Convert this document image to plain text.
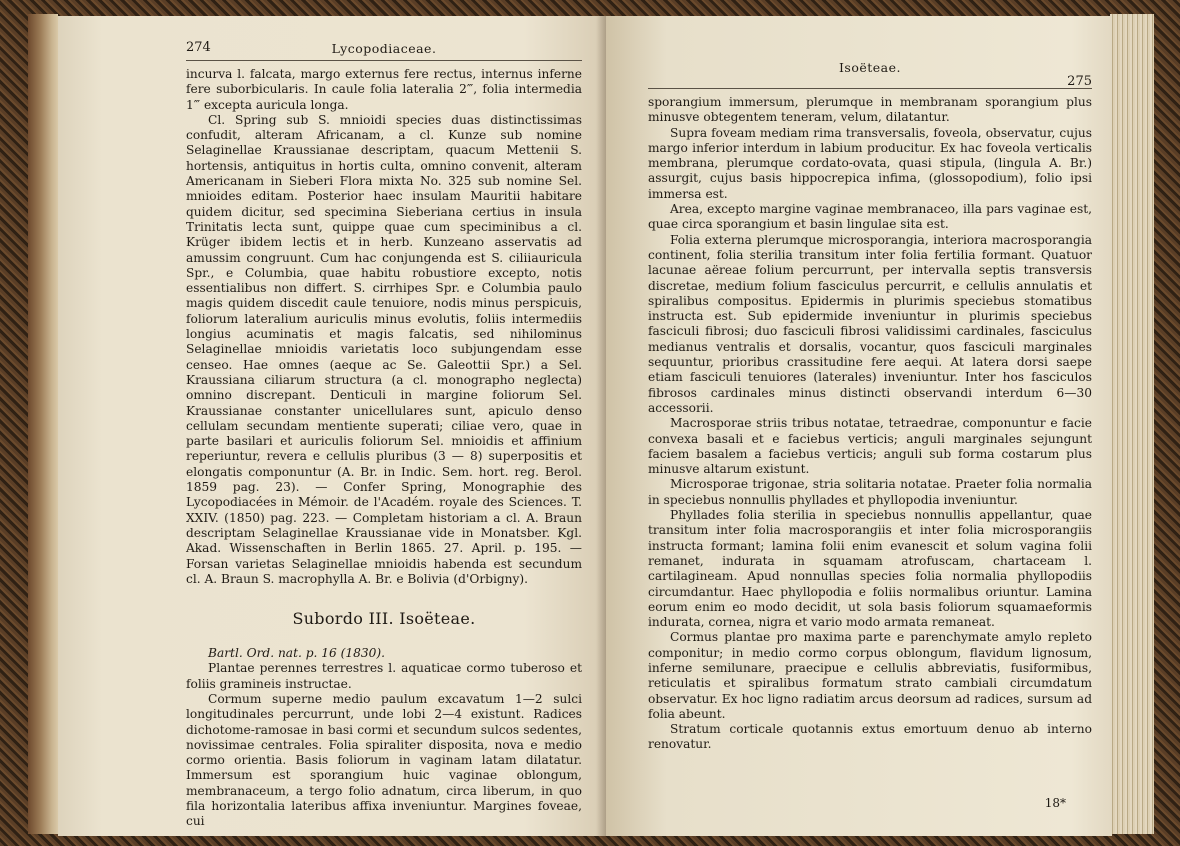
274	Lycopodiaceae.

incurva l. falcata, margo externus fere rectus, internus inferne fere suborbicularis. In caule folia lateralia 2‴, folia intermedia 1‴ excepta auricula longa.

Cl. Spring sub S. mnioidi species duas distinctissimas confudit, alteram Africanam, a cl. Kunze sub nomine Selaginellae Kraussianae descriptam, quacum Mettenii S. hortensis, antiquitus in hortis culta, omnino convenit, alteram Americanam in Sieberi Flora mixta No. 325 sub nomine Sel. mnioides editam. Posterior haec insulam Mauritii habitare quidem dicitur, sed specimina Sieberiana certius in insula Trinitatis lecta sunt, quippe quae cum speciminibus a cl. Krüger ibidem lectis et in herb. Kunzeano asservatis ad amussim congruunt. Cum hac conjungenda est S. ciliiauricula Spr., e Columbia, quae habitu robustiore excepto, notis essentialibus non differt. S. cirrhipes Spr. e Columbia paulo magis quidem discedit caule tenuiore, nodis minus perspicuis, foliorum lateralium auriculis minus evolutis, foliis intermediis longius acuminatis et magis falcatis, sed nihilominus Selaginellae mnioidis varietatis loco subjungendam esse censeo. Hae omnes (aeque ac Se. Galeottii Spr.) a Sel. Kraussiana ciliarum structura (a cl. monographo neglecta) omnino discrepant. Denticuli in margine foliorum Sel. Kraussianae constanter unicellulares sunt, apiculo denso cellulam secundam mentiente superati; ciliae vero, quae in parte basilari et auriculis foliorum Sel. mnioidis et affinium reperiuntur, revera e cellulis pluribus (3 — 8) superpositis et elongatis componuntur (A. Br. in Indic. Sem. hort. reg. Berol. 1859 pag. 23). — Confer Spring, Monographie des Lycopodiacées in Mémoir. de l'Académ. royale des Sciences. T. XXIV. (1850) pag. 223. — Completam historiam a cl. A. Braun descriptam Selaginellae Kraussianae vide in Monatsber. Kgl. Akad. Wissenschaften in Berlin 1865. 27. April. p. 195. — Forsan varietas Selaginellae mnioidis habenda est secundum cl. A. Braun S. macrophylla A. Br. e Bolivia (d'Orbigny).

Subordo III. Isoëteae.

Bartl. Ord. nat. p. 16 (1830).

Plantae perennes terrestres l. aquaticae cormo tuberoso et foliis gramineis instructae.

Cormum superne medio paulum excavatum 1—2 sulci longitudinales percurrunt, unde lobi 2—4 existunt. Radices dichotome-ramosae in basi cormi et secundum sulcos sedentes, novissimae centrales. Folia spiraliter disposita, nova e medio cormo orientia. Basis foliorum in vaginam latam dilatatur. Immersum est sporangium huic vaginae oblongum, membranaceum, a tergo folio adnatum, circa liberum, in quo fila horizontalia lateribus affixa inveniuntur. Margines foveae, cui

Isoëteae.
275

sporangium immersum, plerumque in membranam sporangium plus minusve obtegentem teneram, velum, dilatantur.

Supra foveam mediam rima transversalis, foveola, observatur, cujus margo inferior interdum in labium producitur. Ex hac foveola verticalis membrana, plerumque cordato-ovata, quasi stipula, (lingula A. Br.) assurgit, cujus basis hippocrepica infima, (glossopodium), folio ipsi immersa est.

Area, excepto margine vaginae membranaceo, illa pars vaginae est, quae circa sporangium et basin lingulae sita est.

Folia externa plerumque microsporangia, interiora macrosporangia continent, folia sterilia transitum inter folia fertilia formant. Quatuor lacunae aëreae folium percurrunt, per intervalla septis transversis discretae, medium folium fasciculus percurrit, e cellulis annulatis et spiralibus compositus. Epidermis in plurimis speciebus stomatibus instructa est. Sub epidermide inveniuntur in plurimis speciebus fasciculi fibrosi; duo fasciculi fibrosi validissimi cardinales, fasciculus medianus ventralis et dorsalis, vocantur, quos fasciculi marginales sequuntur, prioribus crassitudine fere aequi. At latera dorsi saepe etiam fasciculi tenuiores (laterales) inveniuntur. Inter hos fasciculos fibrosos cardinales minus distincti observandi interdum 6—30 accessorii.

Macrosporae striis tribus notatae, tetraedrae, componuntur e facie convexa basali et e faciebus verticis; anguli marginales sejungunt faciem basalem a faciebus verticis; anguli sub forma costarum plus minusve altarum existunt.

Microsporae trigonae, stria solitaria notatae. Praeter folia normalia in speciebus nonnullis phyllades et phyllopodia inveniuntur.

Phyllades folia sterilia in speciebus nonnullis appellantur, quae transitum inter folia macrosporangiis et inter folia microsporangiis instructa formant; lamina folii enim evanescit et solum vagina folii remanet, indurata in squamam atrofuscam, chartaceam l. cartilagineam. Apud nonnullas species folia normalia phyllopodiis circumdantur. Haec phyllopodia e foliis normalibus oriuntur. Lamina eorum enim eo modo decidit, ut sola basis foliorum squamaeformis indurata, cornea, nigra et vario modo armata remaneat.

Cormus plantae pro maxima parte e parenchymate amylo repleto componitur; in medio cormo corpus oblongum, flavidum lignosum, inferne semilunare, praecipue e cellulis abbreviatis, fusiformibus, reticulatis et spiralibus formatum strato cambiali circumdatum observatur. Ex hoc ligno radiatim arcus deorsum ad radices, sursum ad folia abeunt.

Stratum corticale quotannis extus emortuum denuo ab interno renovatur.

18*
